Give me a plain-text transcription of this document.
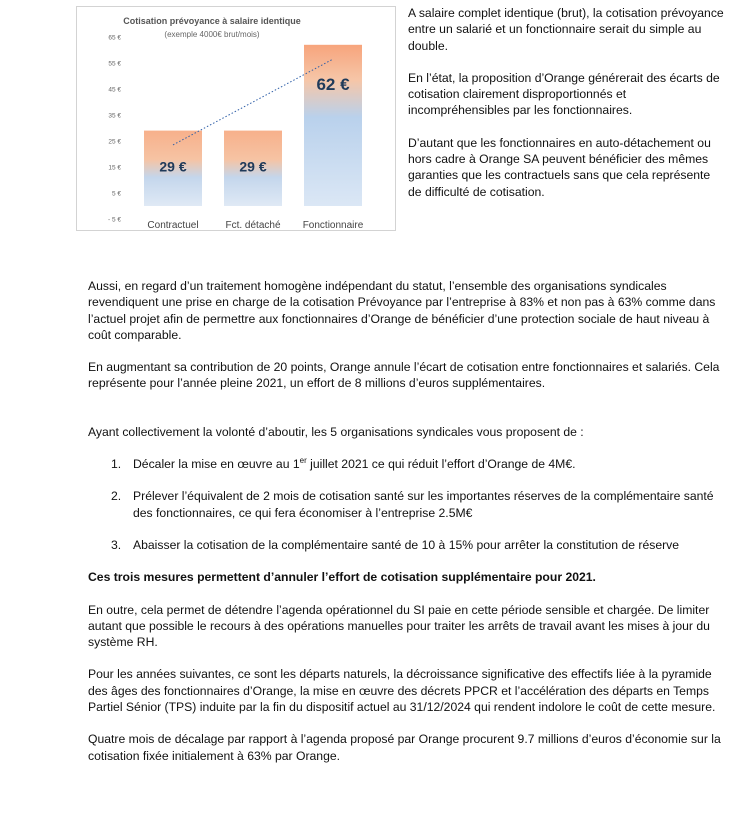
Cotisation prévoyance à salaire identique
(exemple 4000€ brut/mois)
65 €
55 €
45 €
35 €
25 €
15 €
5 €
- 5 €
29 €	29 €
62 €
Contractuel	Fct. détaché Fonctionnaire

A salaire complet identique (brut), la cotisation prévoyance entre un salarié et un fonctionnaire serait du simple au double.

En l’état, la proposition d’Orange générerait des écarts de cotisation clairement disproportionnés et incompréhensibles par les fonctionnaires.

D’autant que les fonctionnaires en auto-détachement ou hors cadre à Orange SA peuvent bénéficier des mêmes garanties que les contractuels sans que cela représente de difficulté de cotisation.

Aussi, en regard d’un traitement homogène indépendant du statut, l’ensemble des organisations syndicales revendiquent une prise en charge de la cotisation Prévoyance par l’entreprise à 83% et non pas à 63% comme dans l’actuel projet afin de permettre aux fonctionnaires d’Orange de bénéficier d’une protection sociale de haut niveau à coût comparable.

En augmentant sa contribution de 20 points, Orange annule l’écart de cotisation entre fonctionnaires et salariés. Cela représente pour l’année pleine 2021, un effort de 8 millions d’euros supplémentaires.

Ayant collectivement la volonté d’aboutir, les 5 organisations syndicales vous proposent de :

1. Décaler la mise en œuvre au 1er juillet 2021 ce qui réduit l’effort d’Orange de 4M€.
2. Prélever l’équivalent de 2 mois de cotisation santé sur les importantes réserves de la complémentaire santé des fonctionnaires, ce qui fera économiser à l’entreprise 2.5M€
3. Abaisser la cotisation de la complémentaire santé de 10 à 15% pour arrêter la constitution de réserve

Ces trois mesures permettent d’annuler l’effort de cotisation supplémentaire pour 2021.

En outre, cela permet de détendre l’agenda opérationnel du SI paie en cette période sensible et chargée. De limiter autant que possible le recours à des opérations manuelles pour traiter les arrêts de travail avant les mises à jour du système RH.

Pour les années suivantes, ce sont les départs naturels, la décroissance significative des effectifs liée à la pyramide des âges des fonctionnaires d’Orange, la mise en œuvre des décrets PPCR et l’accélération des départs en Temps Partiel Sénior (TPS) induite par la fin du dispositif actuel au 31/12/2024 qui rendent indolore le coût de cette mesure.

Quatre mois de décalage par rapport à l’agenda proposé par Orange procurent 9.7 millions d’euros d’économie sur la cotisation fixée initialement à 63% par Orange.
